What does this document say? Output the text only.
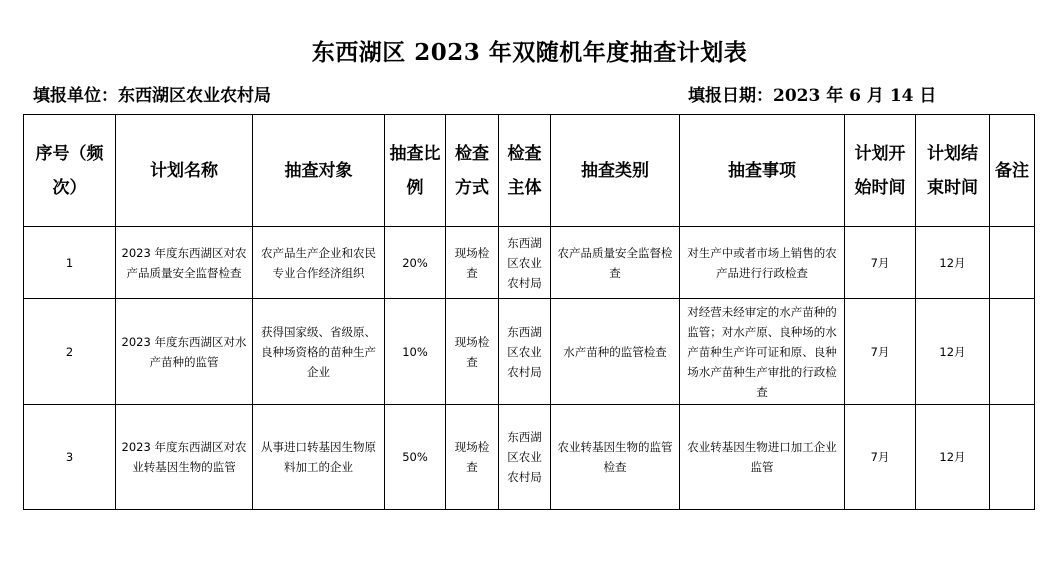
东西湖区 2023 年双随机年度抽查计划表
填报单位：东西湖区农业农村局	填报日期：2023 年 6 月 14 日
序号（频次）	计划名称	抽查对象	抽查比例	检查方式	检查主体	抽查类别	抽查事项	计划开始时间	计划结束时间	备注
1	2023 年度东西湖区对农产品质量安全监督检查	农产品生产企业和农民专业合作经济组织	20%	现场检查	东西湖区农业农村局	农产品质量安全监督检查	对生产中或者市场上销售的农产品进行行政检查	7月	12月	
2	2023 年度东西湖区对水产苗种的监管	获得国家级、省级原、良种场资格的苗种生产企业	10%	现场检查	东西湖区农业农村局	水产苗种的监管检查	对经营未经审定的水产苗种的监管；对水产原、良种场的水产苗种生产许可证和原、良种场水产苗种生产审批的行政检查	7月	12月	
3	2023 年度东西湖区对农业转基因生物的监管	从事进口转基因生物原料加工的企业	50%	现场检查	东西湖区农业农村局	农业转基因生物的监管检查	农业转基因生物进口加工企业监管	7月	12月	
